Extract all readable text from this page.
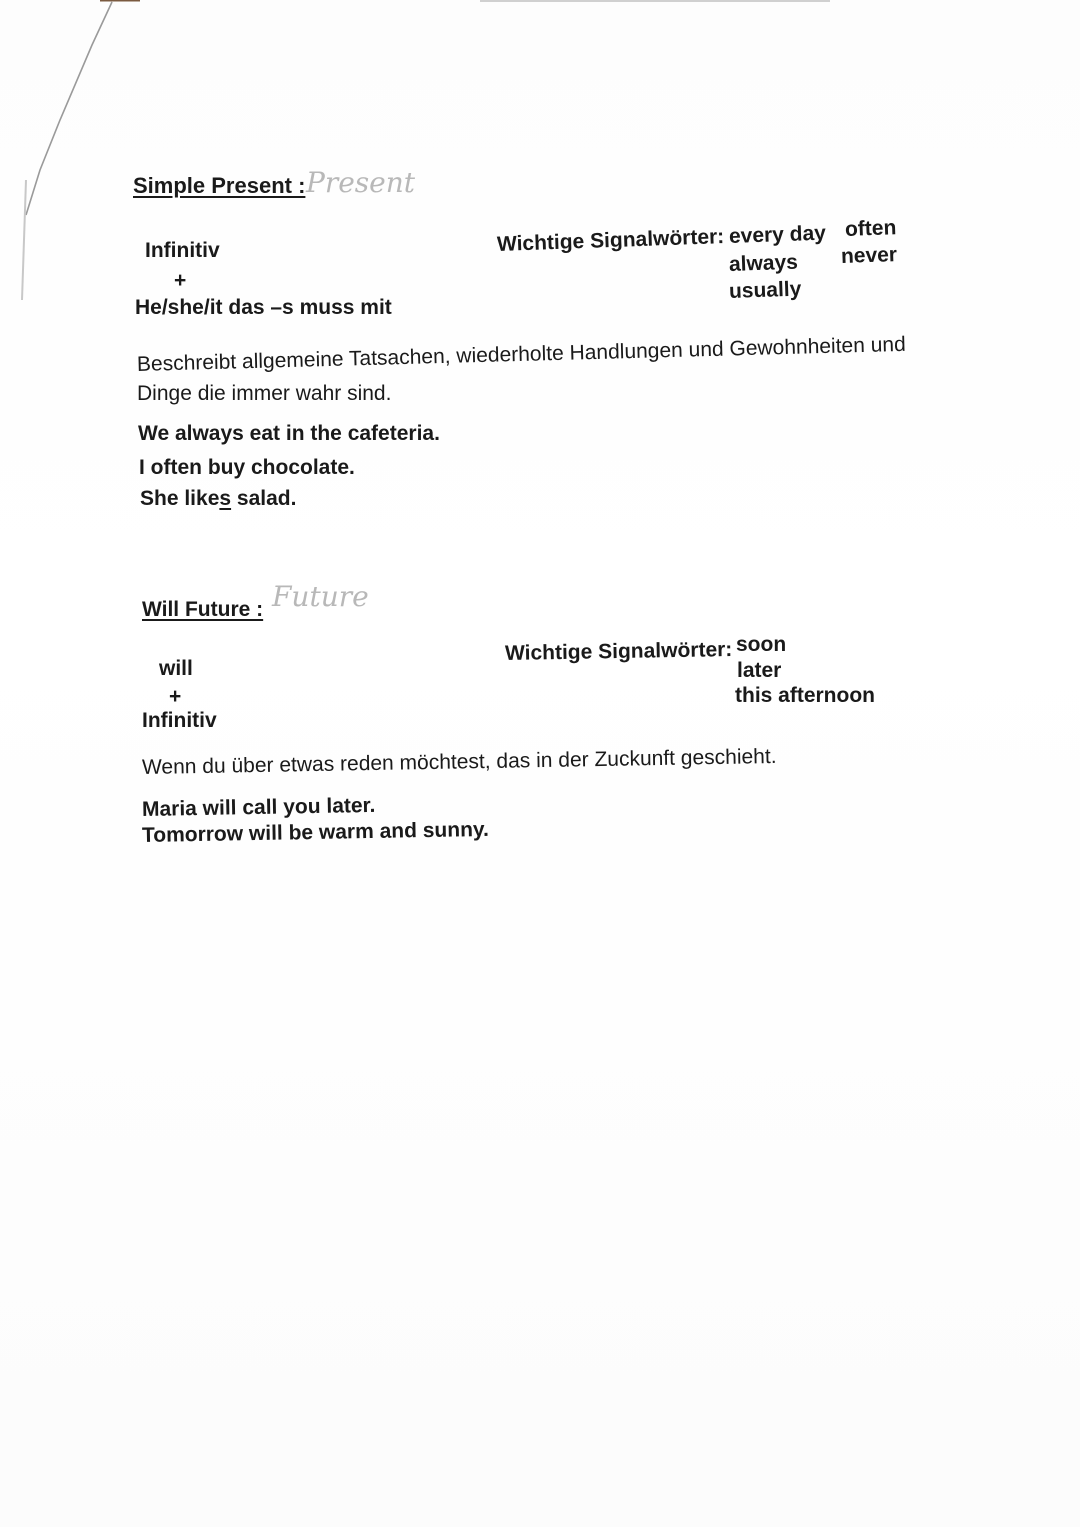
Simple Present : Present
Infinitiv
+
He/she/it das –s muss mit
Wichtige Signalwörter: every day often
always never
usually
Beschreibt allgemeine Tatsachen, wiederholte Handlungen und Gewohnheiten und
Dinge die immer wahr sind.
We always eat in the cafeteria.
I often buy chocolate.
She likes salad.
Will Future : Future
will
+
Infinitiv
Wichtige Signalwörter: soon
later
this afternoon
Wenn du über etwas reden möchtest, das in der Zuckunft geschieht.
Maria will call you later.
Tomorrow will be warm and sunny.
